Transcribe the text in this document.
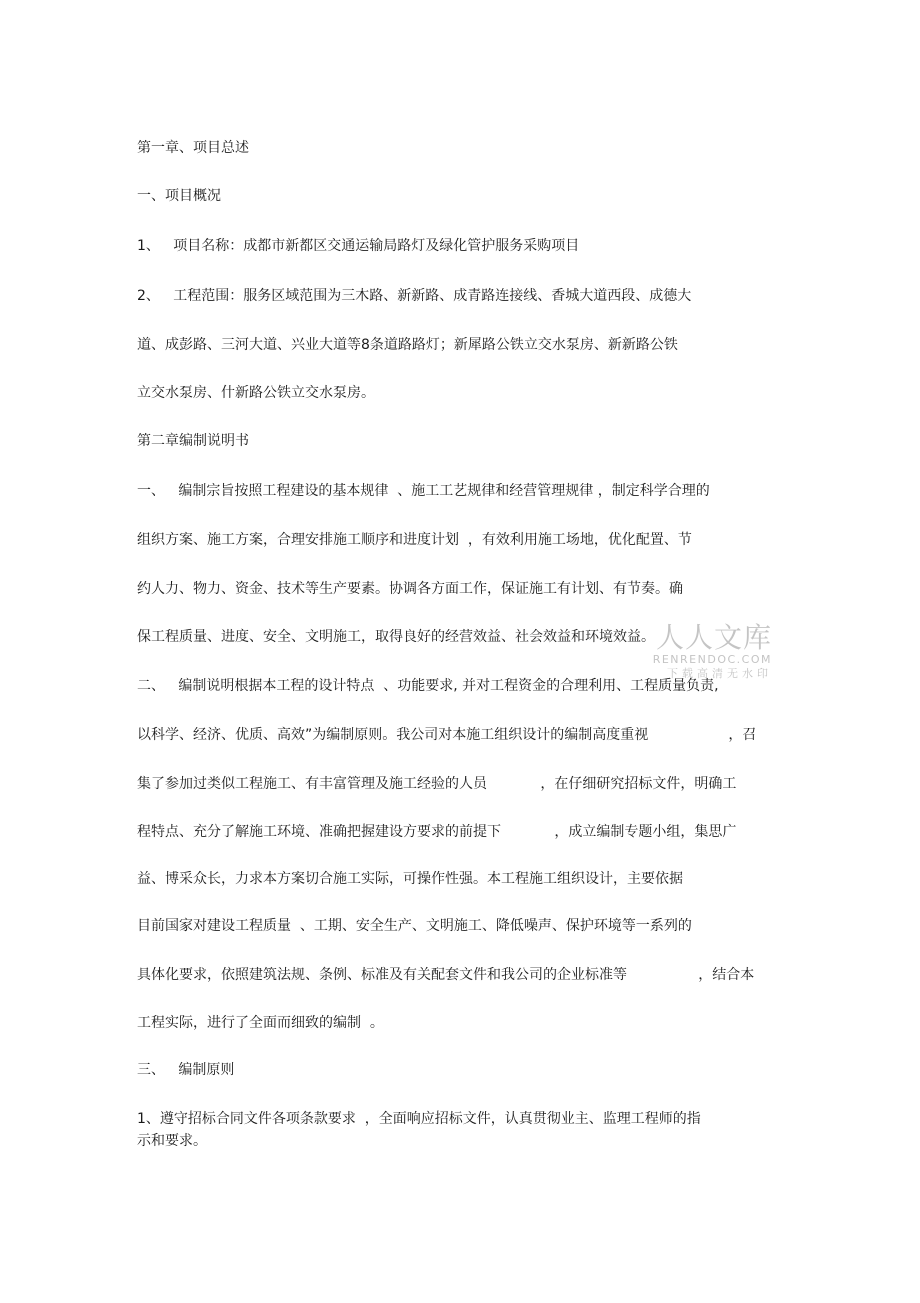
第一章、项目总述
一、项目概况
1、   项目名称：成都市新都区交通运输局路灯及绿化管护服务采购项目
2、   工程范围：服务区域范围为三木路、新新路、成青路连接线、香城大道西段、成德大
道、成彭路、三河大道、兴业大道等8条道路路灯；新犀路公铁立交水泵房、新新路公铁
立交水泵房、什新路公铁立交水泵房。
第二章编制说明书
一、   编制宗旨按照工程建设的基本规律  、施工工艺规律和经营管理规律 ，制定科学合理的
组织方案、施工方案，合理安排施工顺序和进度计划  ，有效利用施工场地，优化配置、节
约人力、物力、资金、技术等生产要素。协调各方面工作，保证施工有计划、有节奏。确
保工程质量、进度、安全、文明施工，取得良好的经营效益、社会效益和环境效益。
二、   编制说明根据本工程的设计特点  、功能要求, 并对工程资金的合理利用、工程质量负责,
以科学、经济、优质、高效”为编制原则。我公司对本施工组织设计的编制高度重视                  ，召
集了参加过类似工程施工、有丰富管理及施工经验的人员            ，在仔细研究招标文件，明确工
程特点、充分了解施工环境、准确把握建设方要求的前提下            ，成立编制专题小组，集思广
益、博采众长，力求本方案切合施工实际，可操作性强。本工程施工组织设计，主要依据
目前国家对建设工程质量  、工期、安全生产、文明施工、降低噪声、保护环境等一系列的
具体化要求，依照建筑法规、条例、标准及有关配套文件和我公司的企业标准等                ，结合本
工程实际，进行了全面而细致的编制  。
三、   编制原则
1、遵守招标合同文件各项条款要求  ，全面响应招标文件，认真贯彻业主、监理工程师的指
示和要求。
人人文库
RENRENDOC.COM
下载高清无水印
